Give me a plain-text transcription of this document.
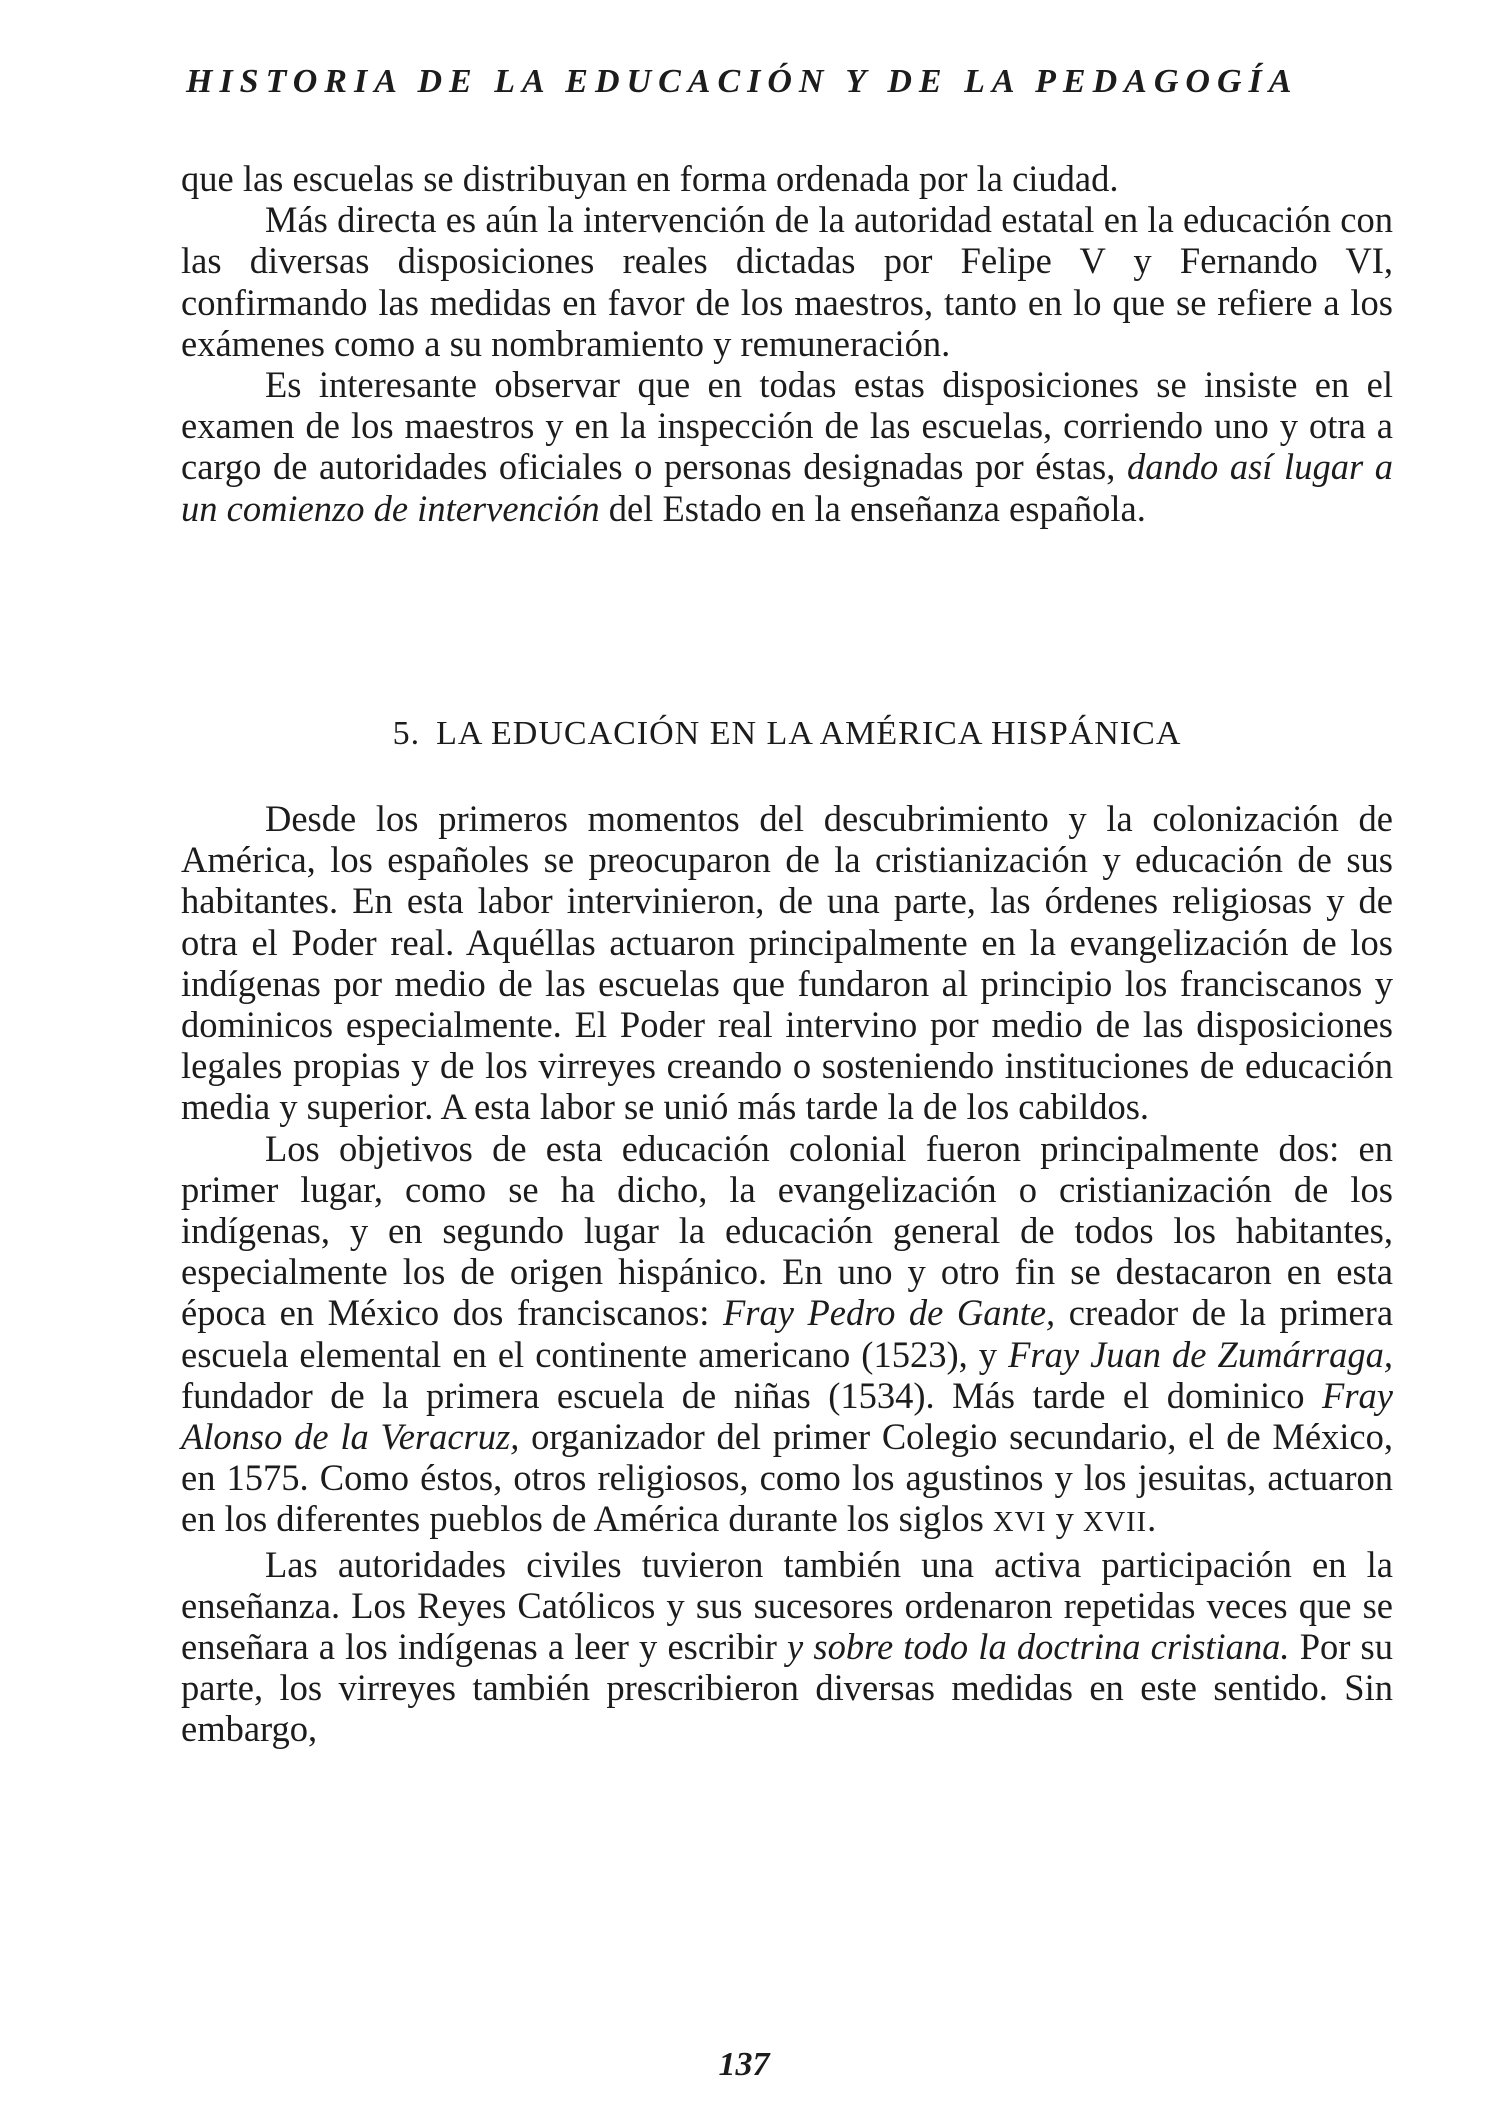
HISTORIA DE LA EDUCACIÓN Y DE LA PEDAGOGÍA

que las escuelas se distribuyan en forma ordenada por la ciudad.

Más directa es aún la intervención de la autoridad estatal en la educación con las diversas disposiciones reales dictadas por Felipe V y Fernando VI, confirmando las medidas en favor de los maestros, tanto en lo que se refiere a los exámenes como a su nombramiento y remuneración.

Es interesante observar que en todas estas disposiciones se insiste en el examen de los maestros y en la inspección de las escuelas, corriendo uno y otra a cargo de autoridades oficiales o personas designadas por éstas, dando así lugar a un comienzo de intervención del Estado en la enseñanza española.

5. LA EDUCACIÓN EN LA AMÉRICA HISPÁNICA

Desde los primeros momentos del descubrimiento y la colonización de América, los españoles se preocuparon de la cristianización y educación de sus habitantes. En esta labor intervinieron, de una parte, las órdenes religiosas y de otra el Poder real. Aquéllas actuaron principalmente en la evangelización de los indígenas por medio de las escuelas que fundaron al principio los franciscanos y dominicos especialmente. El Poder real intervino por medio de las disposiciones legales propias y de los virreyes creando o sosteniendo instituciones de educación media y superior. A esta labor se unió más tarde la de los cabildos.

Los objetivos de esta educación colonial fueron principalmente dos: en primer lugar, como se ha dicho, la evangelización o cristianización de los indígenas, y en segundo lugar la educación general de todos los habitantes, especialmente los de origen hispánico. En uno y otro fin se destacaron en esta época en México dos franciscanos: Fray Pedro de Gante, creador de la primera escuela elemental en el continente americano (1523), y Fray Juan de Zumárraga, fundador de la primera escuela de niñas (1534). Más tarde el dominico Fray Alonso de la Veracruz, organizador del primer Colegio secundario, el de México, en 1575. Como éstos, otros religiosos, como los agustinos y los jesuitas, actuaron en los diferentes pueblos de América durante los siglos XVI y XVII.

Las autoridades civiles tuvieron también una activa participación en la enseñanza. Los Reyes Católicos y sus sucesores ordenaron repetidas veces que se enseñara a los indígenas a leer y escribir y sobre todo la doctrina cristiana. Por su parte, los virreyes también prescribieron diversas medidas en este sentido. Sin embargo,

137
